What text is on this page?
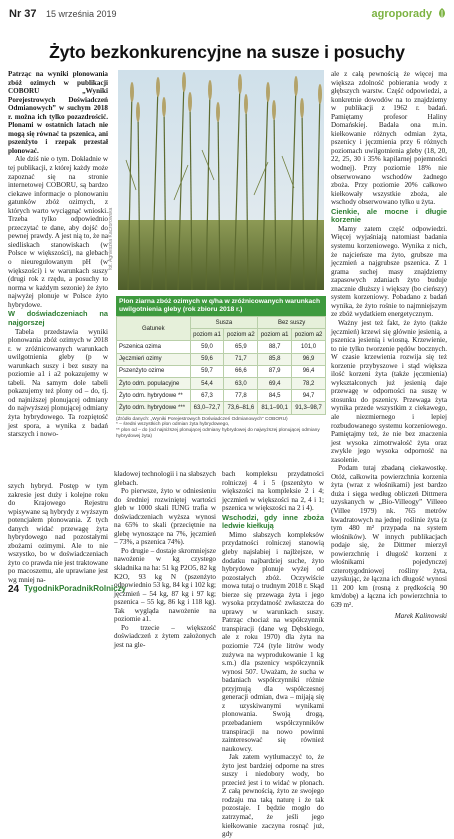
Nr 37 15 września 2019	agroporady
Żyto bezkonkurencyjne na susze i posuchy

Patrząc na wyniki plonowania zbóż ozimych w publikacji COBORU „Wyniki Porejestrowych Doświadczeń Odmianowych” w suchym 2018 r. można ich tylko pozazdrościć. Plonami w ostatnich latach nie mogą się równać ta pszenica, ani pszenżyto i rzepak przestał plonować.

Ale dziś nie o tym. Dokładnie w tej publikacji, z której każdy może zapoznać się na stronie internetowej COBORU, są bardzo ciekawe informacje o plonowaniu gatunków zbóż ozimych, z których warto wyciągnąć wnioski. Trzeba tylko odpowiednio przeczytać te dane, aby dojść do pewnej prawdy. A jest nią to, że na siedliskach stanowiskach (w Polsce w większości), na glebach o nieuregulowanym pH (w większości) i w warunkach suszy (drugi rok z rzędu, a posuchy to norma w każdym sezonie) że żyto najwyżej plonuje w Polsce żyto hybrydowe.

W doświadczeniach na najgorszej

Tabela przedstawia wyniki plonowania zbóż ozimych w 2018 r. w zróżnicowanych warunkach uwilgotnienia gleby (p w warunkach suszy i bez suszy na poziomie a1 i a2 pokazujemy w tabeli. Na samym dole tabeli pokazujemy też plony od – do, tj. od najniższej plonującej odmiany do najwyższej plonującej odmiany żyta hybrydowego. Ta rozpiętość jest spora, a wynika z badań starszych i nowo-

szych hybryd. Postęp w tym zakresie jest duży i kolejne roku do Krajowego Rejestru wpisywane są hybrydy z wyższym potencjałem plonowania. Z tych danych widać przewagę żyta hybrydowego nad pozostałymi zbożami ozimymi. Ale to nie wszystko, bo w doświadczeniach żyto co prawda nie jest traktowane po macoszemu, ale uprawiane jest wg mniej na-

fot. Agnieszka Kaczorowska
Plon ziarna zbóż ozimych w q/ha w zróżnicowanych warunkach uwilgotnienia gleby (rok zbioru 2018 r.)
Gatunek	Susza		Bez suszy	
	poziom a1	poziom a2	poziom a1	poziom a2
Pszenica ozima	59,0	65,9	88,7	101,0
Jęczmień ozimy	59,6	71,7	85,8	96,9
Pszenżyto ozime	59,7	66,6	87,9	96,4
Żyto odm. populacyjne	54,4	63,0	69,4	78,2
Żyto odm. hybrydowe **	67,3	77,8	84,5	94,7
Żyto odm. hybrydowe ***	63,0–72,7	73,6–81,6	81,1–90,1	91,3–98,7
(Źródło danych: „Wyniki Porejestrowych Doświadczeń Odmianowych” COBORU)
* – średni wszystkich plon odmian żyta hybrydowego,
** plon od – do (od najniższej plonującej odmiany hybrydowej do najwyższej plonującej odmiany hybrydowej żyta)

kładowej technologii i na słabszych glebach.

Po pierwsze, żyto w odniesieniu do średniej rozwiniętej wartości gleb w 1000 skali IUNG trafia w doświadczeniach wyższa wynosi na 65% to skali (przeciętnie na glebę wynoszące na 7%, jęczmień – 73%, a pszenica 74%).

Po drugie – dostaje skromniejsze nawożenie w kg czystego składnika na ha: 51 kg P2O5, 82 kg K2O, 93 kg N (pszenżyto odpowiednio 53 kg, 84 kg i 102 kg; jęczmień – 54 kg, 87 kg i 97 kg; pszenica – 55 kg, 86 kg i 118 kg). Tak wygląda nawożenie na poziomie a1.

Po trzecie – większość doświadczeń z żytem założonych jest na gle-

ale z całą pewnością że więcej ma większa zdolność pobierania wody z głębszych warstw. Część odpowiedzi, a konkretnie dowodów na to znajdziemy w publikacji z 1962 r. badań. Pamiętamy profesor Haliny Domańskiej. Badała ona m.in. kiełkowanie różnych odmian żyta, pszenicy i jęczmienia przy 6 różnych poziomach uwilgotnienia gleby (18, 20, 22, 25, 30 i 35% kapilarnej pojemności wodnej). Przy poziomie 18% nie obserwowano wschodów żadnego zboża. Przy poziomie 20% całkowo kiełkowały wszystkie zboża, ale wschody obserwowano tylko u żyta.

Cienkie, ale mocne i długie korzenie

Mamy zatem część odpowiedzi. Więcej wyjaśniają natomiast badania systemu korzeniowego. Wynika z nich, że najcieńsze ma żyto, grubsze ma jęczmień a najgrubsze pszenica. Z 1 grama suchej masy znajdziemy zapasowych zdaniach żyto buduje znacznie dłuższy i większy (bo cieńszy) system korzeniowy. Pobadano z badań wynika, że żyto rośnie to najmniejszym ze zbóż wydatkiem energetycznym.

Ważny jest też fakt, że żyto (także jęczmień) krzewi się głównie jesienią, a pszenica jesienią i wiosną. Krzewienie, to nie tylko tworzenie pędów bocznych. W czasie krzewienia rozwija się też korzenie przybyszowe i stąd większa ilość korzeni żyta (także jęczmienia) wykształconych już jesienią daje przewagę w odporności na suszę w stosunku do pszenicy. Przewaga żyta wynika przede wszystkim z ciekawego, ale niezmiernego i lepiej rozbudowanego systemu korzeniowego. Pamiętajmy też, że nie bez znaczenia jest wysoka zimotrwałość żyta oraz zwykle jego wysoka odporność na zasolenie.

Podam tutaj zbadaną ciekawostkę. Otóż, całkowita powierzchnia korzenia żyta (wraz z włośnikami) jest bardzo duża i sięga według obliczeń Dittmera uzyskanych w „Bio-Villeogy” Villeeo (Villee 1979) nk. 765 metrów kwadratowych na jednej roślinie żyta (z tym 480 m² przypada na system włośników). W innych publikacjach podaje się, że Dittmer mierzył powierzchnię i długość korzeni z włośnikami pojedynczej czterotygodniowej rośliny żyta, uzyskując, że łączna ich długość wynosi 11 200 km (rosną z prędkością 90 km/dobę) a łączna ich powierzchnia to 639 m².

Marek Kalinowski

bach kompleksu przydatności rolniczej 4 i 5 (pszenżyto w większości na kompleksie 2 i 4; jęczmień w większości na 2, 4 i 1; pszenica w większości na 2 i 4).

Wschodzi, gdy inne zboża ledwie kiełkują

Mimo słabszych kompleksów przydatności rolniczej stanowią gleby najsłabiej i najlżejsze, w dodatku najbardziej suche, żyto hybrydowe plonuje wyżej od pozostałych zbóż. Oczywiście mowa tutaj o trudnym 2018 r. Skąd bierze się przewaga żyta i jego wysoka przydatność zwłaszcza do uprawy w warunkach suszy. Patrząc chociaż na współczynnik transpiracji (dane wg Dębskiego, ale z roku 1970) dla żyta na poziomie 724 (tyle litrów wody zużywa na wyprodukowanie 1 kg s.m.) dla pszenicy współczynnik wynosi 507. Uważam, że sucha w badaniach współczynniki różnie przyjmują dla współczesnej generacji odmian, dwa – mijają się z uzyskiwanymi wynikami plonowania. Swoją drogą, przebadaniem współczynników transpiracji na nowo powinni zainteresować się również naukowcy.

Jak zatem wytłumaczyć to, że żyto jest bardziej odporne na stres suszy i niedobory wody, bo przecież jest i to widać w plonach. Z całą pewnością, żyto ze swojego rodzaju ma taką naturę i że tak pozostaje. I będzie mogło do zatrzymać, że jeśli jego kiełkowanie zaczyna rosnąć już, gdy

24 TygodnikPoradnikRolniczy
